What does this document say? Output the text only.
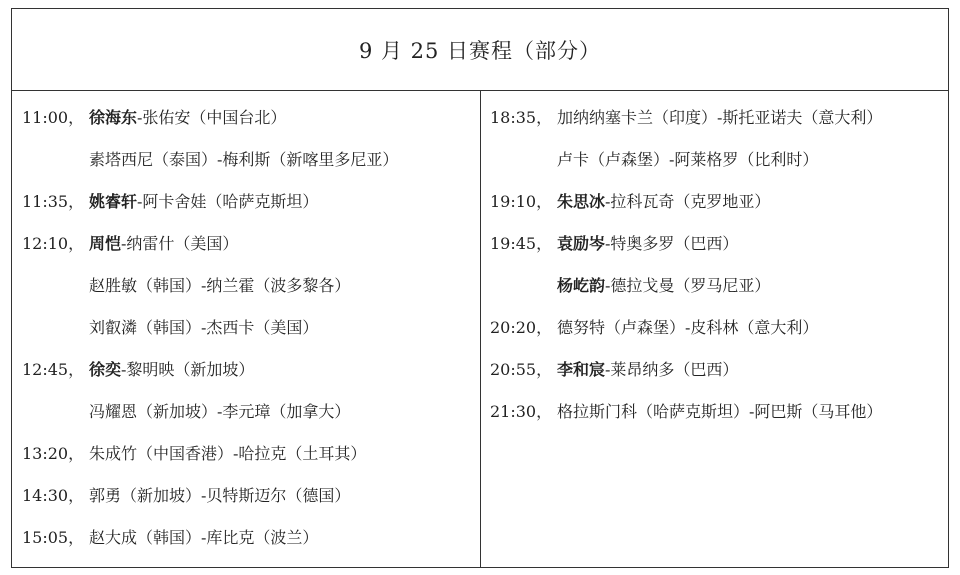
9 月 25 日赛程（部分）
11:00， 徐海东-张佑安（中国台北）
素塔西尼（泰国）-梅利斯（新喀里多尼亚）
11:35， 姚睿轩-阿卡舍娃（哈萨克斯坦）
12:10， 周恺-纳雷什（美国）
赵胜敏（韩国）-纳兰霍（波多黎各）
刘叡潾（韩国）-杰西卡（美国）
12:45， 徐奕-黎明映（新加坡）
冯耀恩（新加坡）-李元璋（加拿大）
13:20， 朱成竹（中国香港）-哈拉克（土耳其）
14:30， 郭勇（新加坡）-贝特斯迈尔（德国）
15:05， 赵大成（韩国）-库比克（波兰）
18:35， 加纳纳塞卡兰（印度）-斯托亚诺夫（意大利）
卢卡（卢森堡）-阿莱格罗（比利时）
19:10， 朱思冰-拉科瓦奇（克罗地亚）
19:45， 袁励岑-特奥多罗（巴西）
杨屹韵-德拉戈曼（罗马尼亚）
20:20， 德努特（卢森堡）-皮科林（意大利）
20:55， 李和宸-莱昂纳多（巴西）
21:30， 格拉斯门科（哈萨克斯坦）-阿巴斯（马耳他）
